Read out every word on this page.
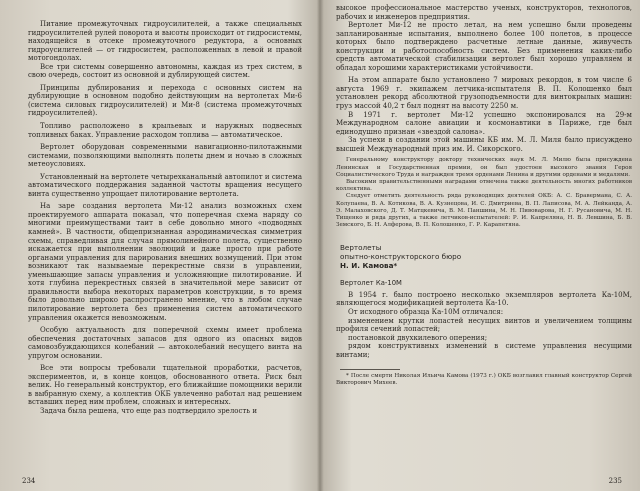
Питание промежуточных гидроусилителей, а также специальных гидроусилителей рулей поворота и высоты происходит от гидросистемы, находящейся в отсеке промежуточного редуктора, а основных гидроусилителей — от гидросистем, расположенных в левой и правой мотогондолах.

Все три системы совершенно автономны, каждая из трех систем, в свою очередь, состоит из основной и дублирующей систем.

Принципы дублирования и перехода с основных систем на дублирующие в основном подобно действующим на вертолетах Ми-6 (система силовых гидроусилителей) и Ми-8 (система промежуточных гидроусилителей).

Топливо расположено в крыльевых и наружных подвесных топливных баках. Управление расходом топлива — автоматическое.

Вертолет оборудован современными навигационно-пилотажными системами, позволяющими выполнять полеты днем и ночью в сложных метеоусловиях.

Установленный на вертолете четырехканальный автопилот и система автоматического поддержания заданной частоты вращения несущего винта существенно упрощает пилотирование вертолета.

На заре создания вертолета Ми-12 анализ возможных схем проектируемого аппарата показал, что поперечная схема наряду со многими преимуществами таит в себе довольно много «подводных камней». В частности, общепризнанная аэродинамическая симметрия схемы, справедливая для случая прямолинейного полета, существенно искажается при выполнении эволюций и даже просто при работе органами управления для парирования внешних возмущений. При этом возникают так называемые перекрестные связи в управлении, уменьшающие запасы управления и усложняющие пилотирование. И хотя глубина перекрестных связей в значительной мере зависит от правильности выбора некоторых параметров конструкции, в то время было довольно широко распространено мнение, что в любом случае пилотирование вертолета без применения систем автоматического управления окажется невозможным.

Особую актуальность для поперечной схемы имеет проблема обеспечения достаточных запасов для одного из опасных видов самовозбуждающихся колебаний — автоколебаний несущего винта на упругом основании.

Все эти вопросы требовали тщательной проработки, расчетов, экспериментов, и, в конце концов, обоснованного ответа. Риск был велик. Но генеральный конструктор, его ближайшие помощники верили в выбранную схему, а коллектив ОКБ увлеченно работал над решением вставших перед ним проблем, сложных и интересных.

Задача была решена, что еще раз подтвердило зрелость и

234

высокое профессиональное мастерство ученых, конструкторов, технологов, рабочих и инженеров предприятия.

Вертолет Ми-12 не просто летал, на нем успешно были проведены запланированные испытания, выполнено более 100 полетов, в процессе которых было подтверждено расчетные летные данные, живучесть конструкции и работоспособность систем. Без применения каких-либо средств автоматической стабилизации вертолет был хорошо управляем и обладал хорошими характеристиками устойчивости.

На этом аппарате было установлено 7 мировых рекордов, в том числе 6 августа 1969 г. экипажем летчика-испытателя В. П. Колошенко был установлен рекорд абсолютной грузоподъемности для винтокрылых машин: груз массой 40,2 т был поднят на высоту 2250 м.

В 1971 г. вертолет Ми-12 успешно экспонировался на 29-м Международном салоне авиации и космонавтики в Париже, где был единодушно признан «звездой салона».

За успехи в создании этой машины КБ им. М. Л. Миля было присуждено высшей Международный приз им. И. Сикорского.

Генеральному конструктору доктору технических наук М. Л. Милю была присуждена Ленинская и Государственная премии, он был удостоен высокого звания Героя Социалистического Труда и награжден тремя орденами Ленина и другими орденами и медалями.

Высокими правительственными наградами отмечена также деятельность многих работников коллектива.

Следует отметить деятельность ряда руководящих деятелей ОКБ: А. С. Браверманa, С. А. Колупаева, В. А. Котикова, В. А. Кузнецова, И. С. Дмитриева, В. П. Лаписова, М. А. Лейканда, А. Э. Малаховского, Д. Т. Матцкевича, В. М. Паншина, М. Н. Пивоварова, Н. Г. Русановича, М. Н. Тищенко и ряда других, а также летчиков-испытателей: Р. И. Капрелянa, Н. В. Левшина, Б. В. Земского, Б. Н. Алферова, В. П. Колошенко, Г. Р. Карапетяна.

Вертолеты
опытно-конструкторского бюро
Н. И. Камова*
Вертолет Ка-10М

В 1954 г. было построено несколько экземпляров вертолета Ка-10М, являющегося модификацией вертолета Ка-10.

От исходного образца Ка-10М отличался:

изменением крутки лопастей несущих винтов и увеличением толщины профиля сечений лопастей;

постановкой двухкилевого оперения;

рядом конструктивных изменений в системе управления несущими винтами;

* После смерти Николая Ильича Камова (1973 г.) ОКБ возглавил главный конструктор Сергей Викторович Михеев.

235
